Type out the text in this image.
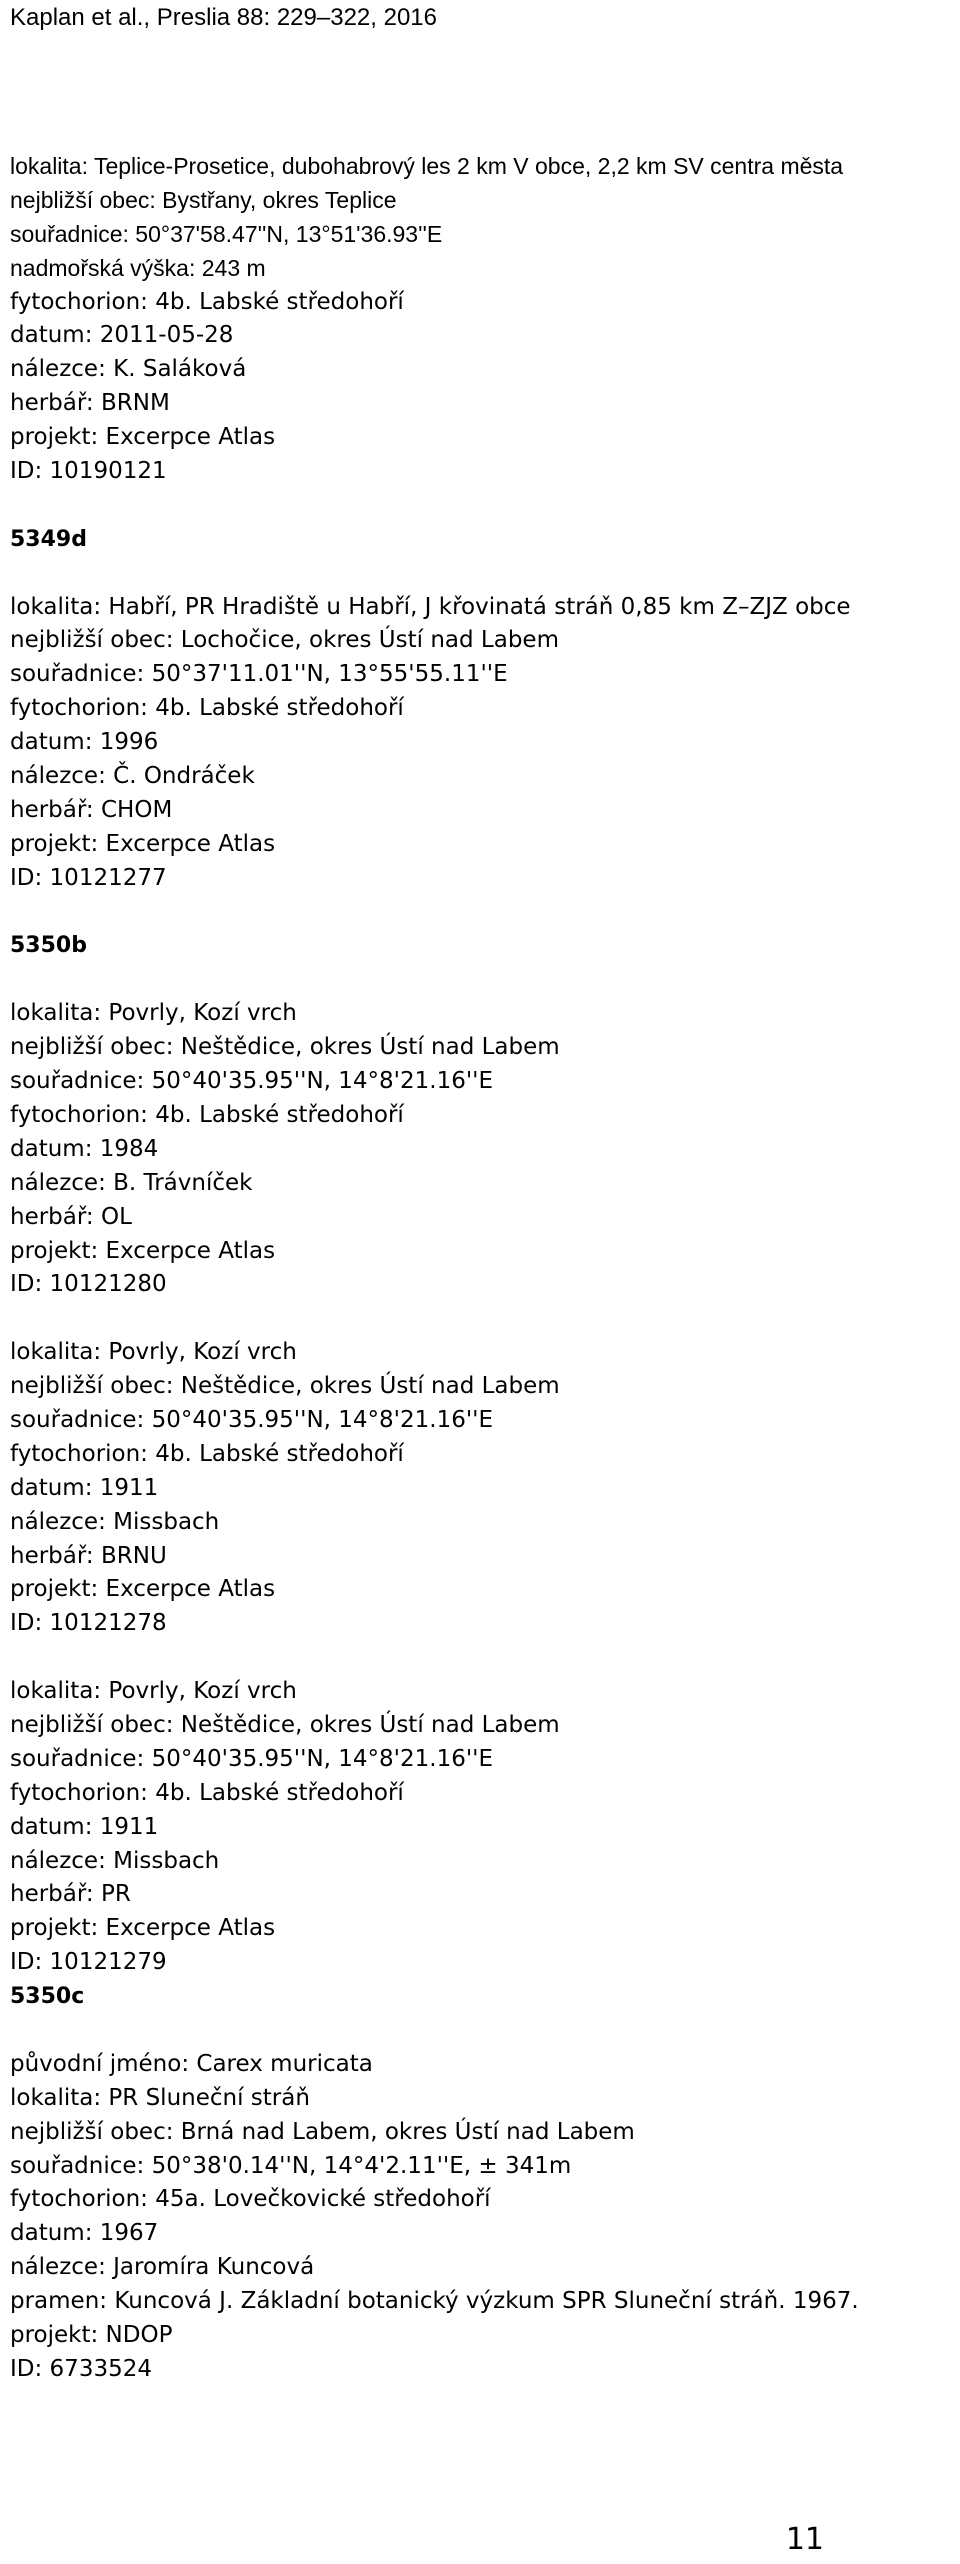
Kaplan et al., Preslia 88: 229–322, 2016
lokalita: Teplice-Prosetice, dubohabrový les 2 km V obce, 2,2 km SV centra města
nejbližší obec: Bystřany, okres Teplice
souřadnice: 50°37'58.47''N, 13°51'36.93''E
nadmořská výška: 243 m
fytochorion: 4b. Labské středohoří
datum: 2011-05-28
nálezce: K. Saláková
herbář: BRNM
projekt: Excerpce Atlas
ID: 10190121
5349d
lokalita: Habří, PR Hradiště u Habří, J křovinatá stráň 0,85 km Z–ZJZ obce
nejbližší obec: Lochočice, okres Ústí nad Labem
souřadnice: 50°37'11.01''N, 13°55'55.11''E
fytochorion: 4b. Labské středohoří
datum: 1996
nálezce: Č. Ondráček
herbář: CHOM
projekt: Excerpce Atlas
ID: 10121277
5350b
lokalita: Povrly, Kozí vrch
nejbližší obec: Neštědice, okres Ústí nad Labem
souřadnice: 50°40'35.95''N, 14°8'21.16''E
fytochorion: 4b. Labské středohoří
datum: 1984
nálezce: B. Trávníček
herbář: OL
projekt: Excerpce Atlas
ID: 10121280
lokalita: Povrly, Kozí vrch
nejbližší obec: Neštědice, okres Ústí nad Labem
souřadnice: 50°40'35.95''N, 14°8'21.16''E
fytochorion: 4b. Labské středohoří
datum: 1911
nálezce: Missbach
herbář: BRNU
projekt: Excerpce Atlas
ID: 10121278
lokalita: Povrly, Kozí vrch
nejbližší obec: Neštědice, okres Ústí nad Labem
souřadnice: 50°40'35.95''N, 14°8'21.16''E
fytochorion: 4b. Labské středohoří
datum: 1911
nálezce: Missbach
herbář: PR
projekt: Excerpce Atlas
ID: 10121279
5350c
původní jméno: Carex muricata
lokalita: PR Sluneční stráň
nejbližší obec: Brná nad Labem, okres Ústí nad Labem
souřadnice: 50°38'0.14''N, 14°4'2.11''E, ± 341m
fytochorion: 45a. Lovečkovické středohoří
datum: 1967
nálezce: Jaromíra Kuncová
pramen: Kuncová J. Základní botanický výzkum SPR Sluneční stráň. 1967.
projekt: NDOP
ID: 6733524
11
